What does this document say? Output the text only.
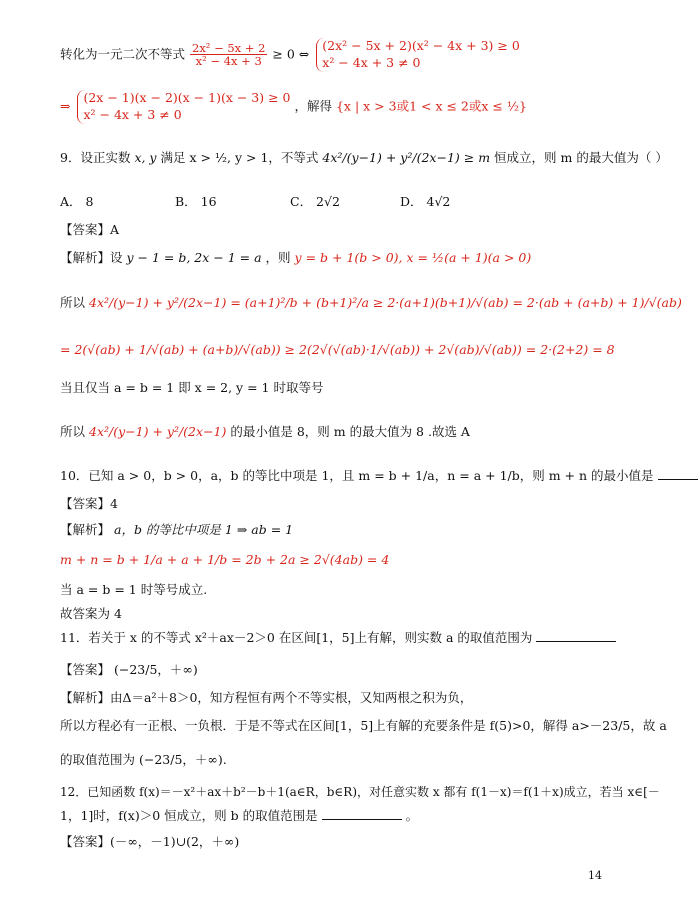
转化为一元二次不等式 $\frac{\text{2x² − 5x + 2}}{\text{x² − 4x + 3}} \ge 0$ ⇔
(2x² − 5x + 2)(x² − 4x + 3) ≥ 0
x² − 4x + 3 ≠ 0
⇒
(2x − 1)(x − 2)(x − 1)(x − 3) ≥ 0
x² − 4x + 3 ≠ 0
，解得 {x | x > 3或1 < x ≤ 2或x ≤ ½}
9．设正实数 x, y 满足 x > ½, y > 1，不等式 4x²/(y−1) + y²/(2x−1) ≥ m 恒成立，则 m 的最大值为（ ）
A． 8	B． 16	C． 2√2	D． 4√2
【答案】A
【解析】设 y − 1 = b, 2x − 1 = a ，则 y = b + 1(b > 0), x = ½(a + 1)(a > 0)
所以 4x²/(y−1) + y²/(2x−1) = (a+1)²/b + (b+1)²/a ≥ 2·(a+1)(b+1)/√(ab) = 2·(ab + (a+b) + 1)/√(ab)
= 2(√(ab) + 1/√(ab) + (a+b)/√(ab)) ≥ 2(2√(√(ab)·1/√(ab)) + 2√(ab)/√(ab)) = 2·(2+2) = 8
当且仅当 a = b = 1 即 x = 2, y = 1 时取等号
所以 4x²/(y−1) + y²/(2x−1) 的最小值是 8，则 m 的最大值为 8 .故选 A
10．已知 a > 0，b > 0，a，b 的等比中项是 1，且 m = b + 1/a，n = a + 1/b，则 m + n 的最小值是
【答案】4
【解析】 a，b 的等比中项是 1 ⇒ ab = 1
m + n = b + 1/a + a + 1/b = 2b + 2a ≥ 2√(4ab) = 4
当 a = b = 1 时等号成立.
故答案为 4
11．若关于 x 的不等式 x²＋ax－2＞0 在区间[1，5]上有解，则实数 a 的取值范围为
【答案】 (−23/5，＋∞)
【解析】由Δ＝a²＋8＞0，知方程恒有两个不等实根，又知两根之积为负，
所以方程必有一正根、一负根．于是不等式在区间[1，5]上有解的充要条件是 f(5)>0，解得 a>－23/5，故 a
的取值范围为 (−23/5，＋∞).
12．已知函数 f(x)＝－x²＋ax＋b²－b＋1(a∈R，b∈R)，对任意实数 x 都有 f(1－x)＝f(1＋x)成立，若当 x∈[－
1，1]时，f(x)＞0 恒成立，则 b 的取值范围是	。
【答案】(－∞，－1)∪(2，＋∞)
14
